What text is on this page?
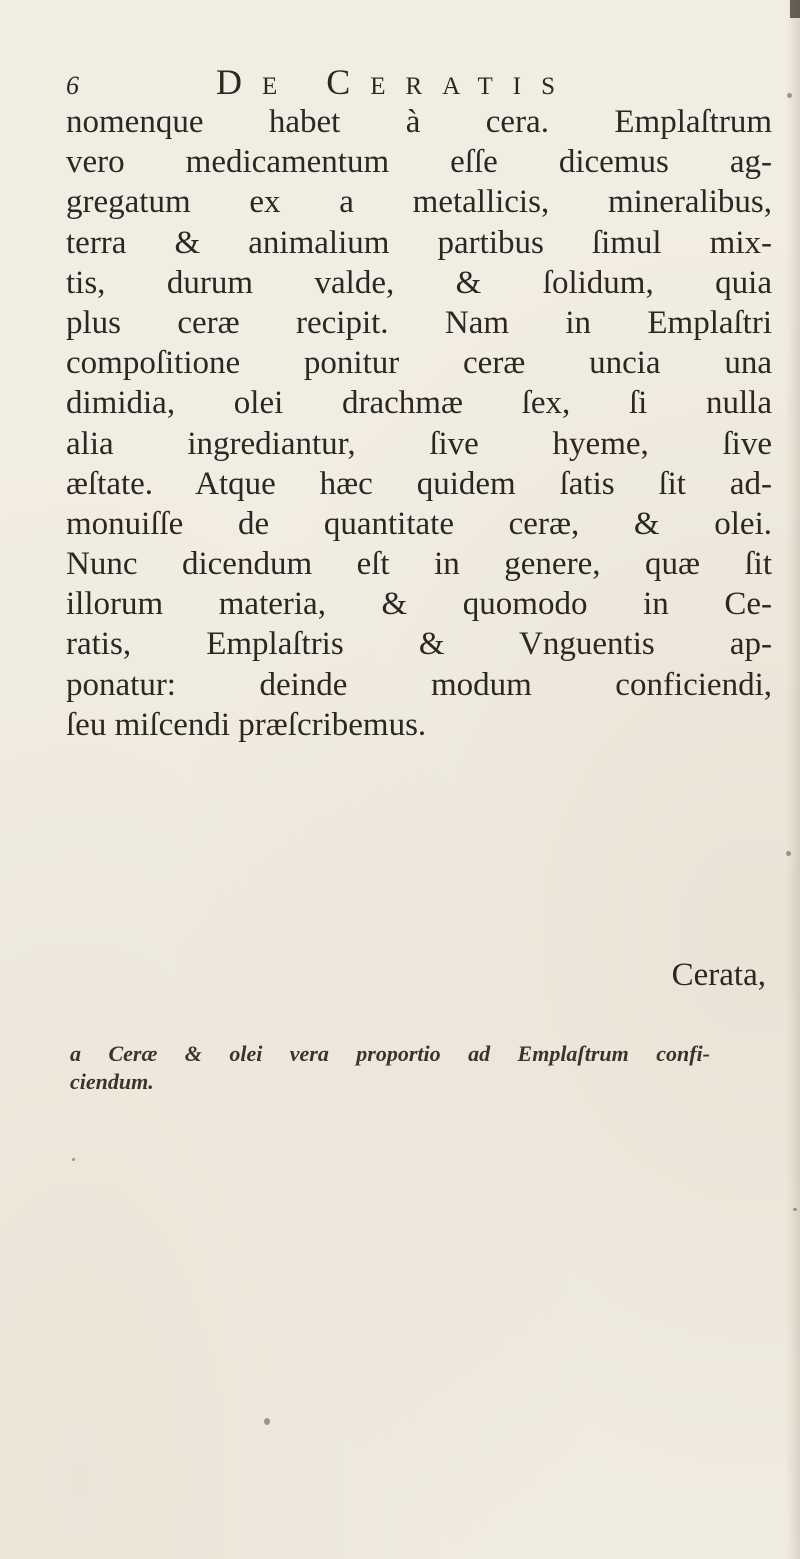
6	De Ceratis
nomenque habet à cera. Emplaſtrum
vero medicamentum eſſe dicemus ag-
gregatum ex a metallicis, mineralibus,
terra & animalium partibus ſimul mix-
tis, durum valde, & ſolidum, quia
plus ceræ recipit. Nam in Emplaſtri
compoſitione ponitur ceræ uncia una
dimidia, olei drachmæ ſex, ſi nulla
alia ingrediantur, ſive hyeme, ſive
æſtate. Atque hæc quidem ſatis ſit ad-
monuiſſe de quantitate ceræ, & olei.
Nunc dicendum eſt in genere, quæ ſit
illorum materia, & quomodo in Ce-
ratis, Emplaſtris & Vnguentis ap-
ponatur: deinde modum conficiendi,
ſeu miſcendi præſcribemus.
Cerata,
a Ceræ & olei vera proportio ad Emplaſtrum confi-
ciendum.
